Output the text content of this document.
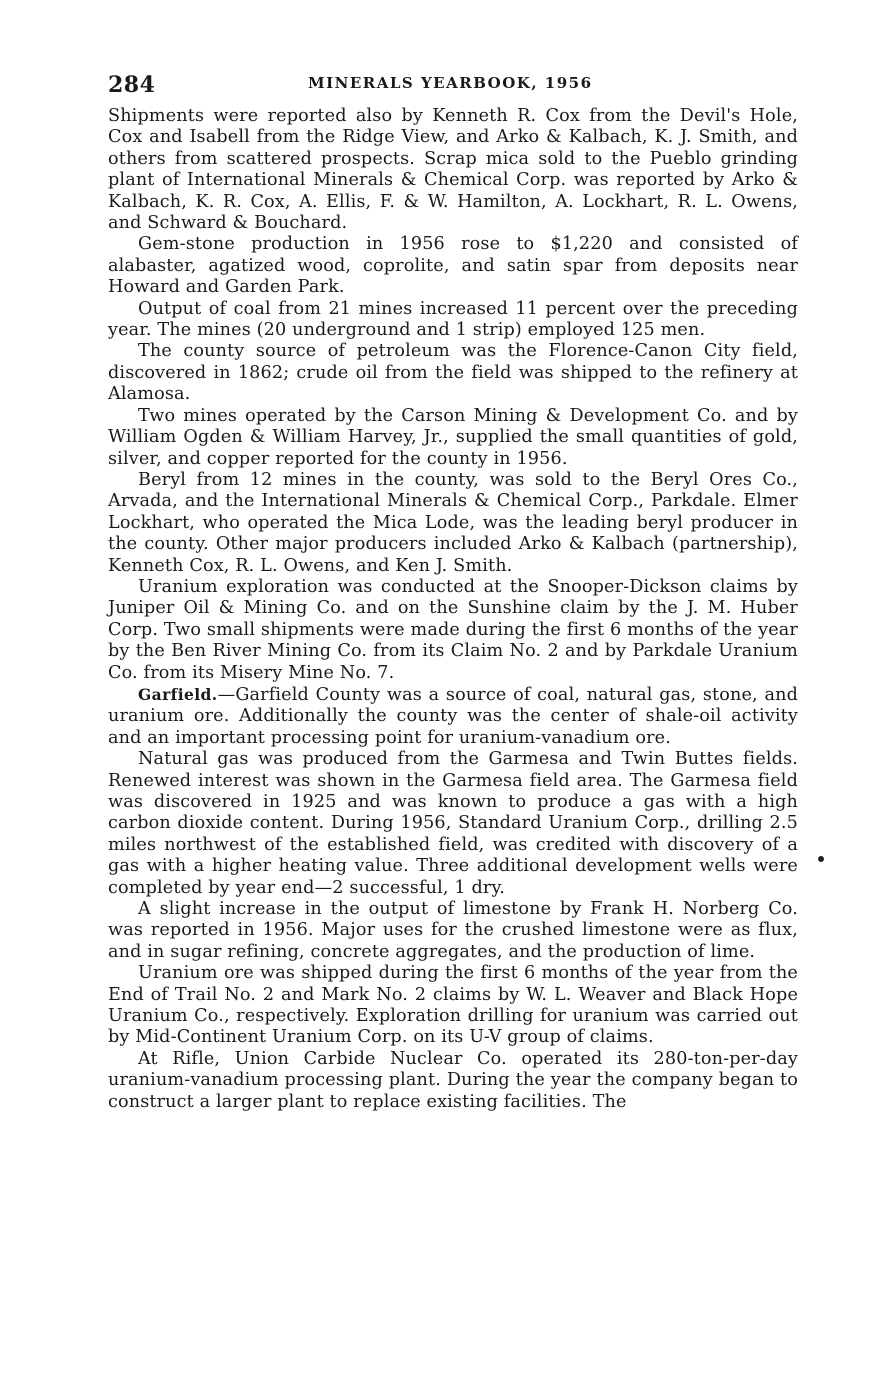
284	MINERALS YEARBOOK, 1956

Shipments were reported also by Kenneth R. Cox from the Devil's Hole, Cox and Isabell from the Ridge View, and Arko & Kalbach, K. J. Smith, and others from scattered prospects. Scrap mica sold to the Pueblo grinding plant of International Minerals & Chemical Corp. was reported by Arko & Kalbach, K. R. Cox, A. Ellis, F. & W. Hamilton, A. Lockhart, R. L. Owens, and Schward & Bouchard.

Gem-stone production in 1956 rose to $1,220 and consisted of alabaster, agatized wood, coprolite, and satin spar from deposits near Howard and Garden Park.

Output of coal from 21 mines increased 11 percent over the preceding year. The mines (20 underground and 1 strip) employed 125 men.

The county source of petroleum was the Florence-Canon City field, discovered in 1862; crude oil from the field was shipped to the refinery at Alamosa.

Two mines operated by the Carson Mining & Development Co. and by William Ogden & William Harvey, Jr., supplied the small quantities of gold, silver, and copper reported for the county in 1956.

Beryl from 12 mines in the county, was sold to the Beryl Ores Co., Arvada, and the International Minerals & Chemical Corp., Parkdale. Elmer Lockhart, who operated the Mica Lode, was the leading beryl producer in the county. Other major producers included Arko & Kalbach (partnership), Kenneth Cox, R. L. Owens, and Ken J. Smith.

Uranium exploration was conducted at the Snooper-Dickson claims by Juniper Oil & Mining Co. and on the Sunshine claim by the J. M. Huber Corp. Two small shipments were made during the first 6 months of the year by the Ben River Mining Co. from its Claim No. 2 and by Parkdale Uranium Co. from its Misery Mine No. 7.

Garfield.—Garfield County was a source of coal, natural gas, stone, and uranium ore. Additionally the county was the center of shale-oil activity and an important processing point for uranium-vanadium ore.

Natural gas was produced from the Garmesa and Twin Buttes fields. Renewed interest was shown in the Garmesa field area. The Garmesa field was discovered in 1925 and was known to produce a gas with a high carbon dioxide content. During 1956, Standard Uranium Corp., drilling 2.5 miles northwest of the established field, was credited with discovery of a gas with a higher heating value. Three additional development wells were completed by year end—2 successful, 1 dry.

A slight increase in the output of limestone by Frank H. Norberg Co. was reported in 1956. Major uses for the crushed limestone were as flux, and in sugar refining, concrete aggregates, and the production of lime.

Uranium ore was shipped during the first 6 months of the year from the End of Trail No. 2 and Mark No. 2 claims by W. L. Weaver and Black Hope Uranium Co., respectively. Exploration drilling for uranium was carried out by Mid-Continent Uranium Corp. on its U-V group of claims.

At Rifle, Union Carbide Nuclear Co. operated its 280-ton-per-day uranium-vanadium processing plant. During the year the company began to construct a larger plant to replace existing facilities. The
